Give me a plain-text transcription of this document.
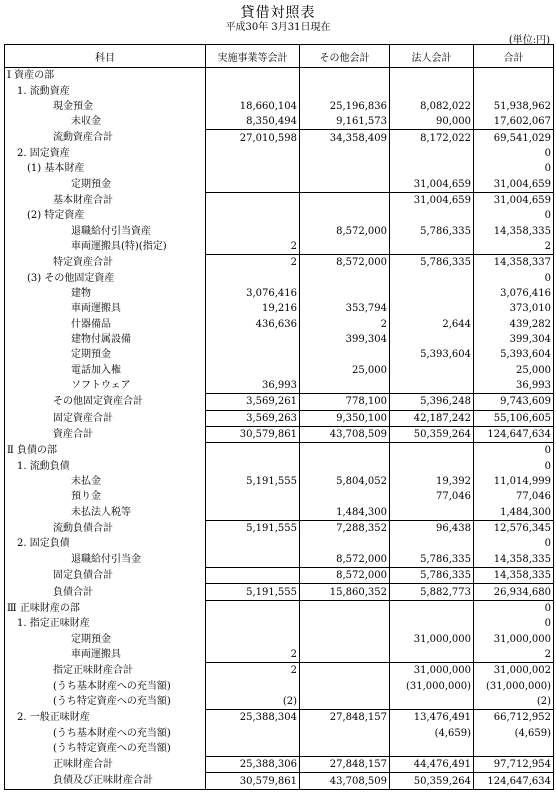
貸借対照表
平成30年 3月31日現在
(単位:円)
科目	実施事業等会計	その他会計	法人会計	合計
Ⅰ 資産の部				
1. 流動資産				
現金預金	18,660,104	25,196,836	8,082,022	51,938,962
未収金	8,350,494	9,161,573	90,000	17,602,067
流動資産合計	27,010,598	34,358,409	8,172,022	69,541,029
2. 固定資産				0
(1) 基本財産				0
定期預金			31,004,659	31,004,659
基本財産合計			31,004,659	31,004,659
(2) 特定資産				0
退職給付引当資産		8,572,000	5,786,335	14,358,335
車両運搬具(特)(指定)	2			2
特定資産合計	2	8,572,000	5,786,335	14,358,337
(3) その他固定資産				0
建物	3,076,416			3,076,416
車両運搬具	19,216	353,794		373,010
什器備品	436,636	2	2,644	439,282
建物付属設備		399,304		399,304
定期預金			5,393,604	5,393,604
電話加入権		25,000		25,000
ソフトウェア	36,993			36,993
その他固定資産合計	3,569,261	778,100	5,396,248	9,743,609
固定資産合計	3,569,263	9,350,100	42,187,242	55,106,605
資産合計	30,579,861	43,708,509	50,359,264	124,647,634
Ⅱ 負債の部				0
1. 流動負債				0
未払金	5,191,555	5,804,052	19,392	11,014,999
預り金			77,046	77,046
未払法人税等		1,484,300		1,484,300
流動負債合計	5,191,555	7,288,352	96,438	12,576,345
2. 固定負債				0
退職給付引当金		8,572,000	5,786,335	14,358,335
固定負債合計		8,572,000	5,786,335	14,358,335
負債合計	5,191,555	15,860,352	5,882,773	26,934,680
Ⅲ 正味財産の部				0
1. 指定正味財産				0
定期預金			31,000,000	31,000,000
車両運搬具	2			2
指定正味財産合計	2		31,000,000	31,000,002
(うち基本財産への充当額)			(31,000,000)	(31,000,000)
(うち特定資産への充当額)	(2)			(2)
2. 一般正味財産	25,388,304	27,848,157	13,476,491	66,712,952
(うち基本財産への充当額)			(4,659)	(4,659)
(うち特定資産への充当額)				
正味財産合計	25,388,306	27,848,157	44,476,491	97,712,954
負債及び正味財産合計	30,579,861	43,708,509	50,359,264	124,647,634
